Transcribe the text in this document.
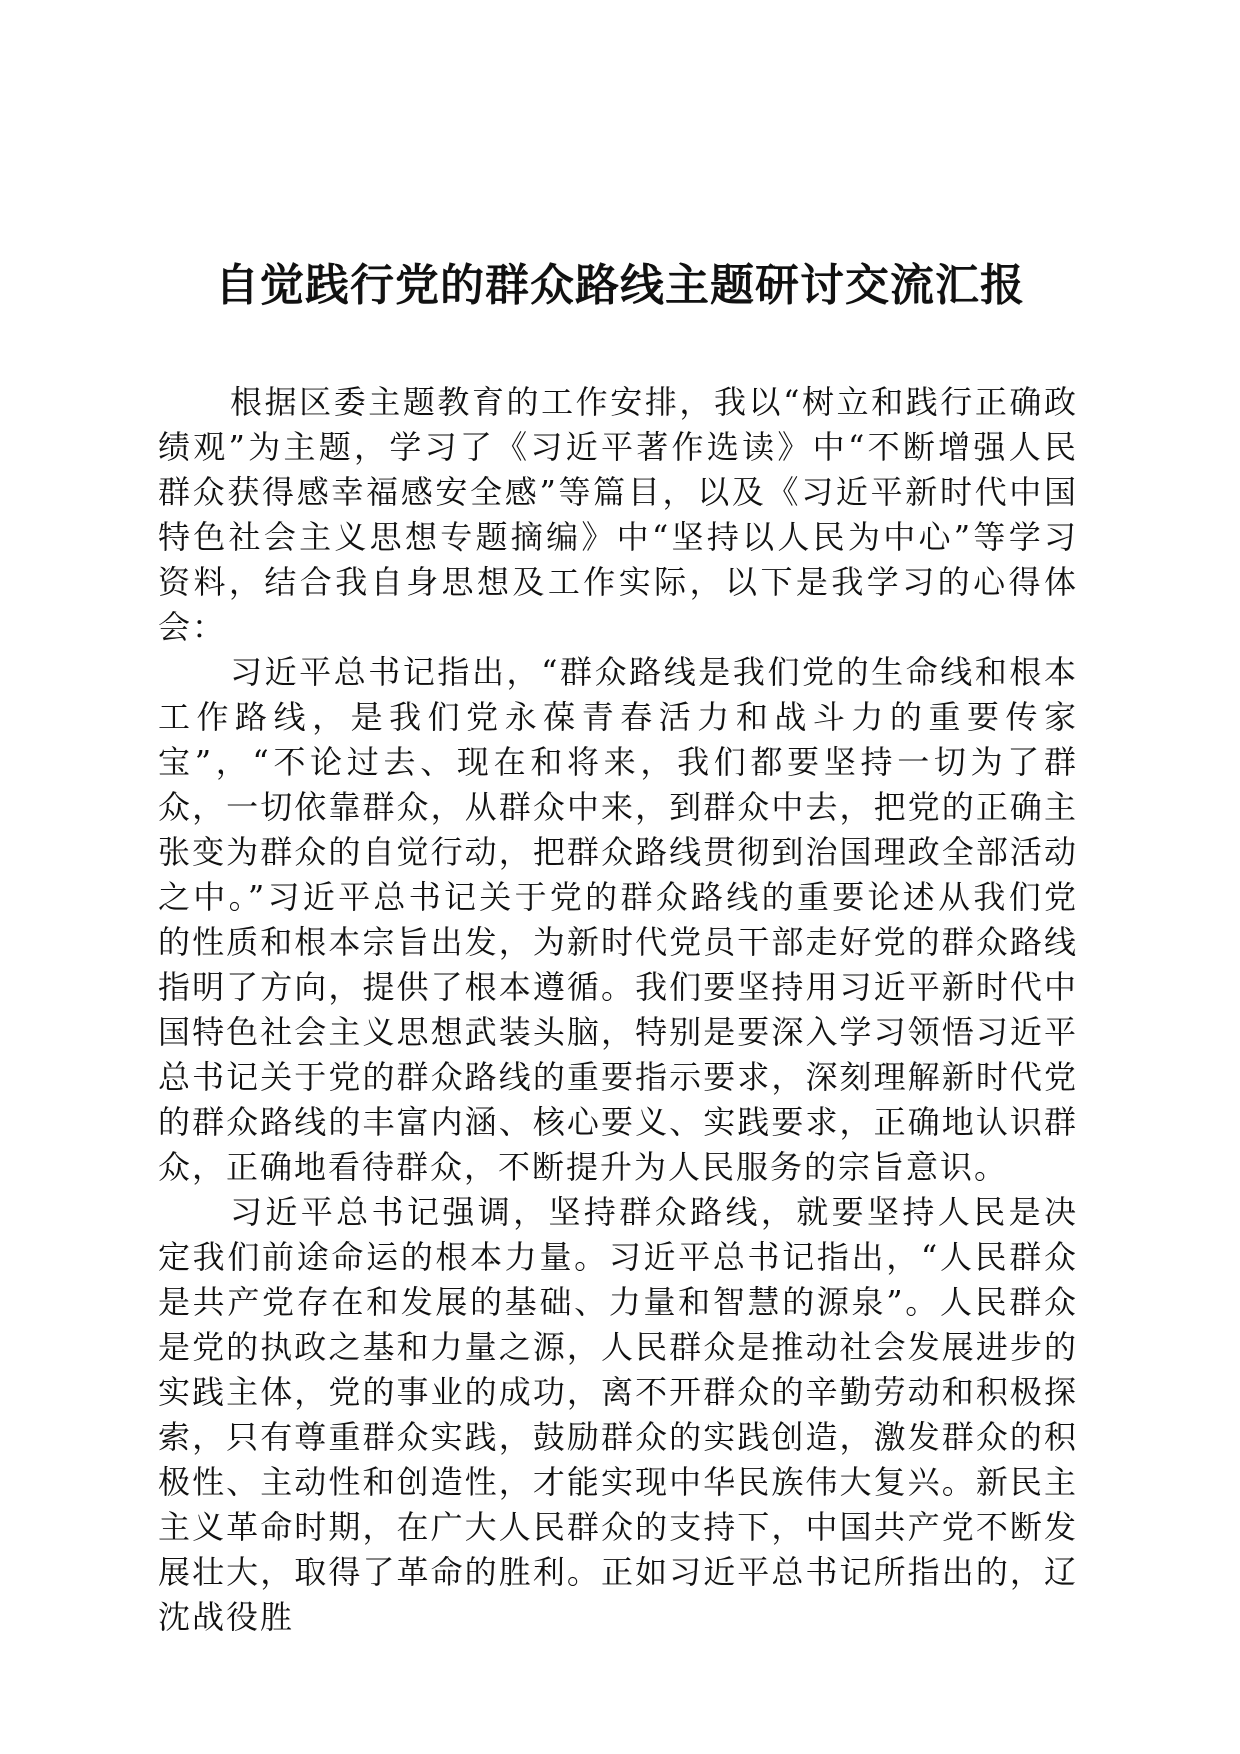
自觉践行党的群众路线主题研讨交流汇报

根据区委主题教育的工作安排，我以“树立和践行正确政绩观”为主题，学习了《习近平著作选读》中“不断增强人民群众获得感幸福感安全感”等篇目，以及《习近平新时代中国特色社会主义思想专题摘编》中“坚持以人民为中心”等学习资料，结合我自身思想及工作实际，以下是我学习的心得体会：

习近平总书记指出，“群众路线是我们党的生命线和根本工作路线，是我们党永葆青春活力和战斗力的重要传家宝”，“不论过去、现在和将来，我们都要坚持一切为了群众，一切依靠群众，从群众中来，到群众中去，把党的正确主张变为群众的自觉行动，把群众路线贯彻到治国理政全部活动之中。”习近平总书记关于党的群众路线的重要论述从我们党的性质和根本宗旨出发，为新时代党员干部走好党的群众路线指明了方向，提供了根本遵循。我们要坚持用习近平新时代中国特色社会主义思想武装头脑，特别是要深入学习领悟习近平总书记关于党的群众路线的重要指示要求，深刻理解新时代党的群众路线的丰富内涵、核心要义、实践要求，正确地认识群众，正确地看待群众，不断提升为人民服务的宗旨意识。

习近平总书记强调，坚持群众路线，就要坚持人民是决定我们前途命运的根本力量。习近平总书记指出，“人民群众是共产党存在和发展的基础、力量和智慧的源泉”。人民群众是党的执政之基和力量之源，人民群众是推动社会发展进步的实践主体，党的事业的成功，离不开群众的辛勤劳动和积极探索，只有尊重群众实践，鼓励群众的实践创造，激发群众的积极性、主动性和创造性，才能实现中华民族伟大复兴。新民主主义革命时期，在广大人民群众的支持下，中国共产党不断发展壮大，取得了革命的胜利。正如习近平总书记所指出的，辽沈战役胜
